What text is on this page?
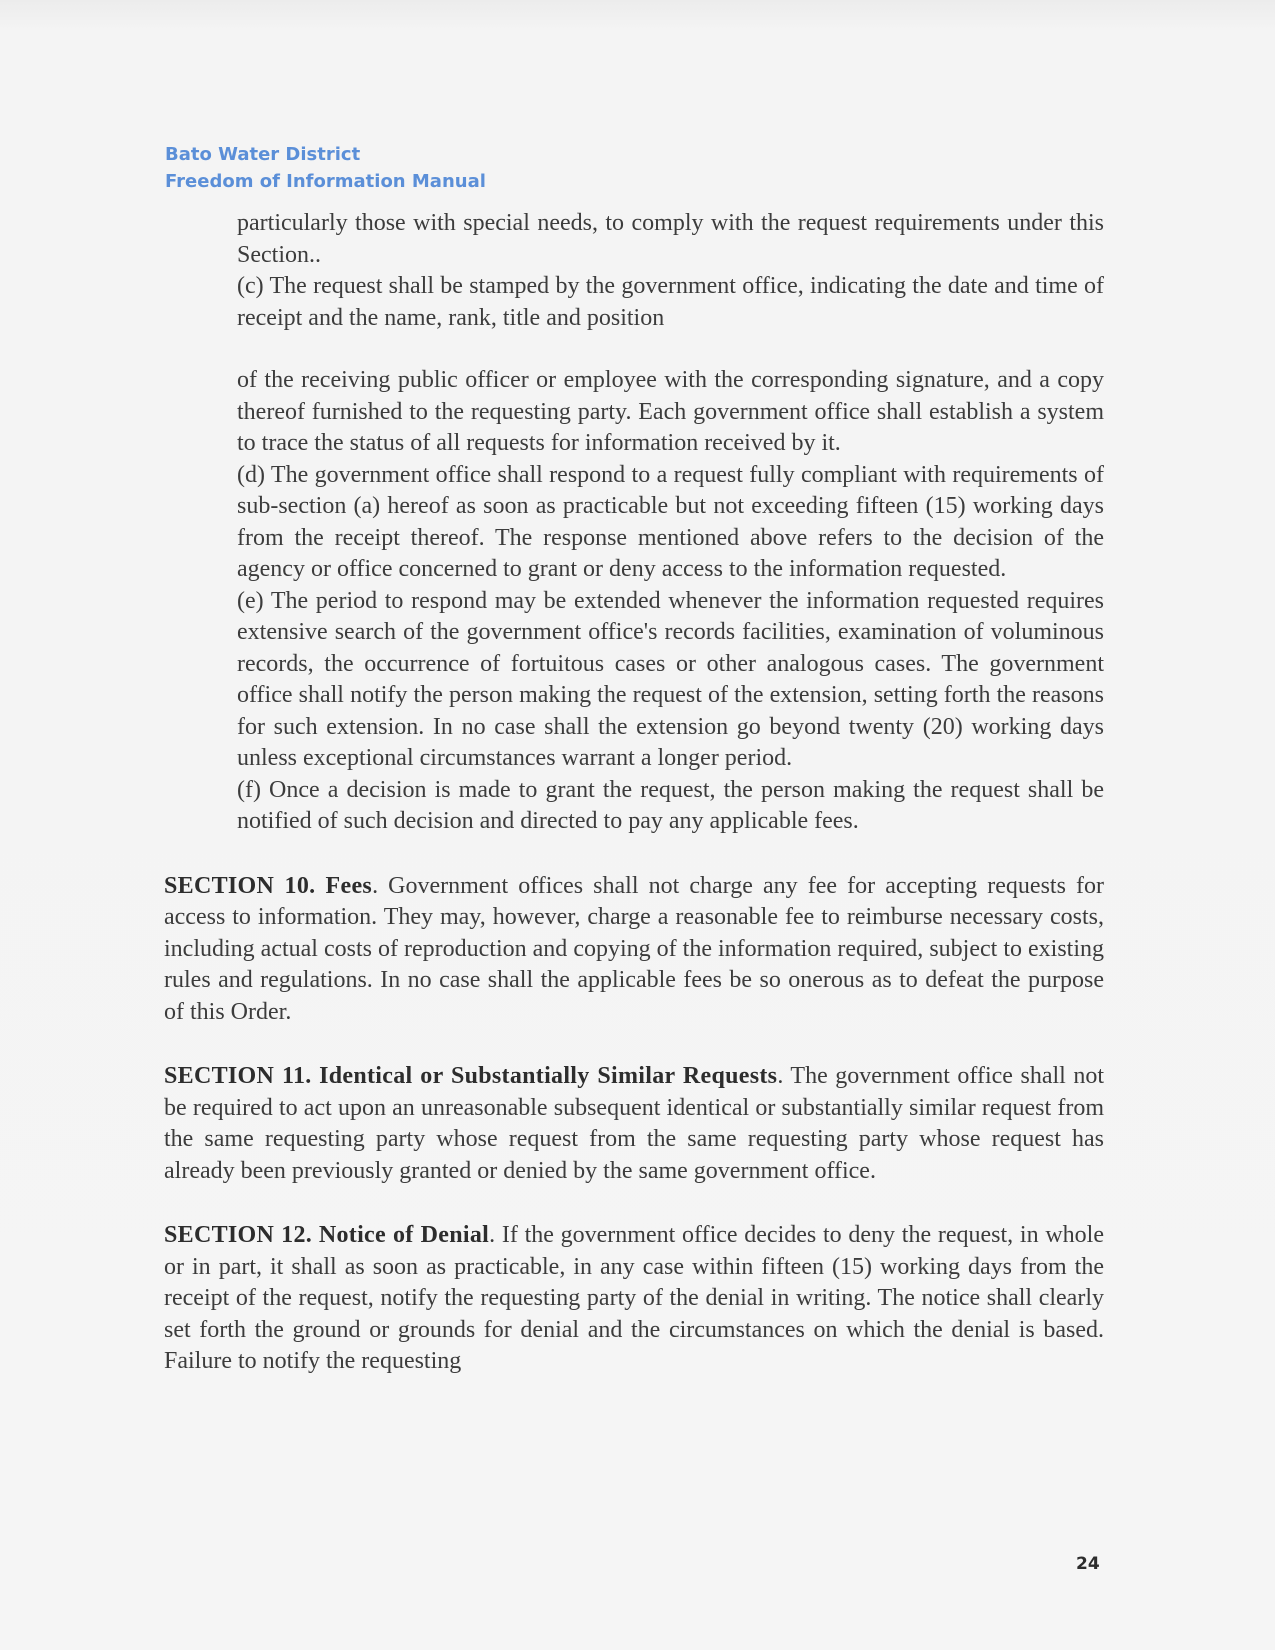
Bato Water District
Freedom of Information Manual

particularly those with special needs, to comply with the request requirements under this Section..

(c) The request shall be stamped by the government office, indicating the date and time of receipt and the name, rank, title and position

of the receiving public officer or employee with the corresponding signature, and a copy thereof furnished to the requesting party. Each government office shall establish a system to trace the status of all requests for information received by it.

(d) The government office shall respond to a request fully compliant with requirements of sub-section (a) hereof as soon as practicable but not exceeding fifteen (15) working days from the receipt thereof. The response mentioned above refers to the decision of the agency or office concerned to grant or deny access to the information requested.

(e) The period to respond may be extended whenever the information requested requires extensive search of the government office's records facilities, examination of voluminous records, the occurrence of fortuitous cases or other analogous cases. The government office shall notify the person making the request of the extension, setting forth the reasons for such extension. In no case shall the extension go beyond twenty (20) working days unless exceptional circumstances warrant a longer period.

(f) Once a decision is made to grant the request, the person making the request shall be notified of such decision and directed to pay any applicable fees.

SECTION 10. Fees. Government offices shall not charge any fee for accepting requests for access to information. They may, however, charge a reasonable fee to reimburse necessary costs, including actual costs of reproduction and copying of the information required, subject to existing rules and regulations. In no case shall the applicable fees be so onerous as to defeat the purpose of this Order.

SECTION 11. Identical or Substantially Similar Requests. The government office shall not be required to act upon an unreasonable subsequent identical or substantially similar request from the same requesting party whose request from the same requesting party whose request has already been previously granted or denied by the same government office.

SECTION 12. Notice of Denial. If the government office decides to deny the request, in whole or in part, it shall as soon as practicable, in any case within fifteen (15) working days from the receipt of the request, notify the requesting party of the denial in writing. The notice shall clearly set forth the ground or grounds for denial and the circumstances on which the denial is based. Failure to notify the requesting

24
